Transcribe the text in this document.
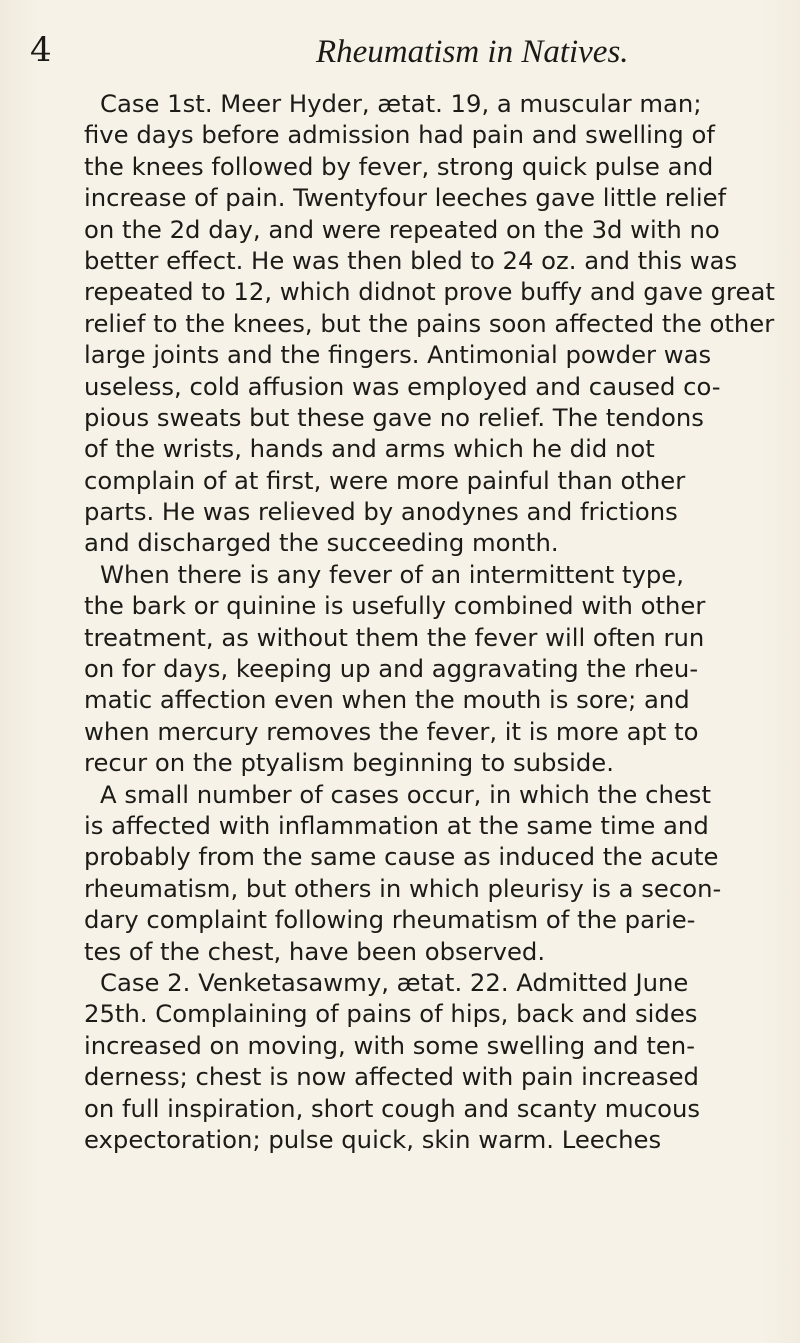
4	Rheumatism in Natives.
Case 1st. Meer Hyder, ætat. 19, a muscular man;
five days before admission had pain and swelling of
the knees followed by fever, strong quick pulse and
increase of pain. Twentyfour leeches gave little relief
on the 2d day, and were repeated on the 3d with no
better effect. He was then bled to 24 oz. and this was
repeated to 12, which didnot prove buffy and gave great
relief to the knees, but the pains soon affected the other
large joints and the fingers. Antimonial powder was
useless, cold affusion was employed and caused co-
pious sweats but these gave no relief. The tendons
of the wrists, hands and arms which he did not
complain of at first, were more painful than other
parts. He was relieved by anodynes and frictions
and discharged the succeeding month.
When there is any fever of an intermittent type,
the bark or quinine is usefully combined with other
treatment, as without them the fever will often run
on for days, keeping up and aggravating the rheu-
matic affection even when the mouth is sore; and
when mercury removes the fever, it is more apt to
recur on the ptyalism beginning to subside.
A small number of cases occur, in which the chest
is affected with inflammation at the same time and
probably from the same cause as induced the acute
rheumatism, but others in which pleurisy is a secon-
dary complaint following rheumatism of the parie-
tes of the chest, have been observed.
Case 2. Venketasawmy, ætat. 22. Admitted June
25th. Complaining of pains of hips, back and sides
increased on moving, with some swelling and ten-
derness; chest is now affected with pain increased
on full inspiration, short cough and scanty mucous
expectoration; pulse quick, skin warm. Leeches
